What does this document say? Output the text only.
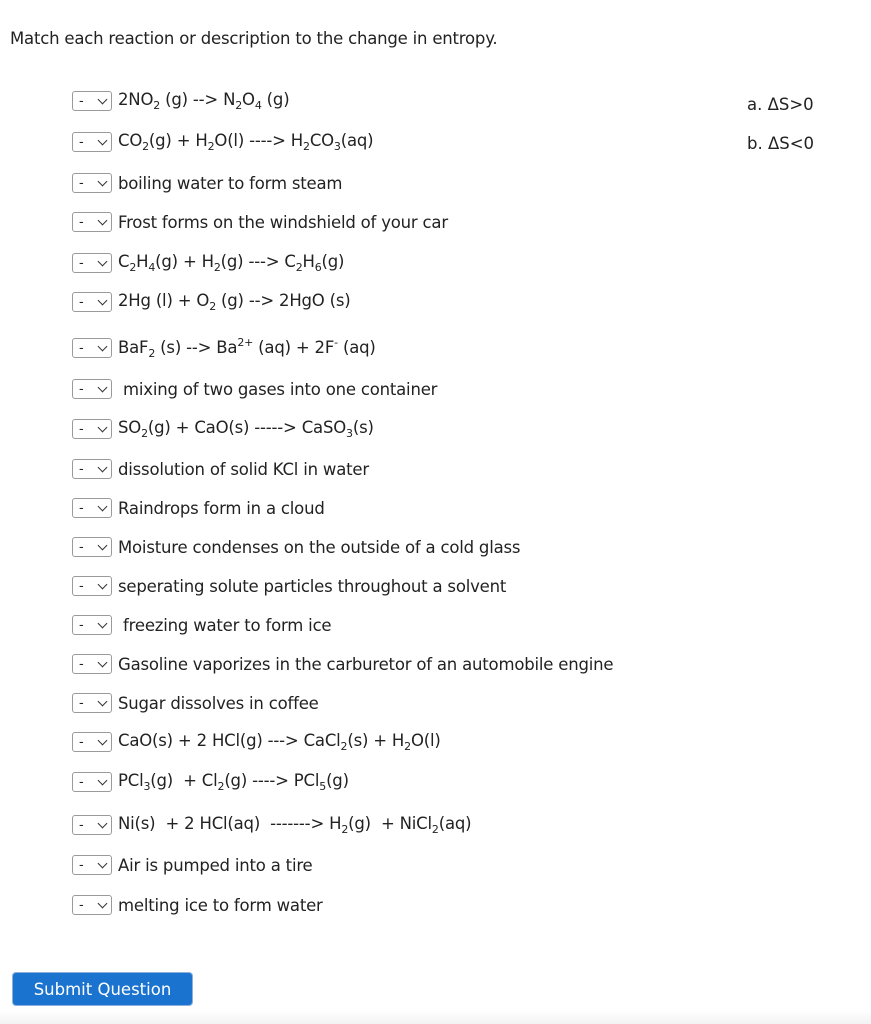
Match each reaction or description to the change in entropy.
- $2NO_2$ (g) --> $N_2O_4$ (g)
- $CO_2(g) + H_2O(l)$ ----> $H_2CO_3(aq)$
- boiling water to form steam
- Frost forms on the windshield of your car
- $C_2H_4(g) + H_2(g)$ ---> $C_2H_6(g)$
- 2Hg $(l) + O_2$ (g) --> 2HgO (s)
- BaF$_2$ (s) --> $Ba^{2+}$ (aq) + 2F- (aq)
- mixing of two gases into one container
- $SO_2(g) + CaO(s)$ -----> CaSO$_3$(s)
- dissolution of solid KCl in water
- Raindrops form in a cloud
- Moisture condenses on the outside of a cold glass
- seperating solute particles throughout a solvent
- freezing water to form ice
- Gasoline vaporizes in the carburetor of an automobile engine
- Sugar dissolves in coffee
- CaO(s) + 2 HCl(g) ---> CaCl$_2$(s) + $H_2O(l)$
- $PCl_3(g) + Cl_2(g)$ ----> PCl$_5$(g)
- Ni(s)  + 2 HCl(aq)  -------> $H_2(g)$  + NiCl$_2$(aq)
- Air is pumped into a tire
- melting ice to form water
a. ΔS>0
b. ΔS<0
Submit Question
